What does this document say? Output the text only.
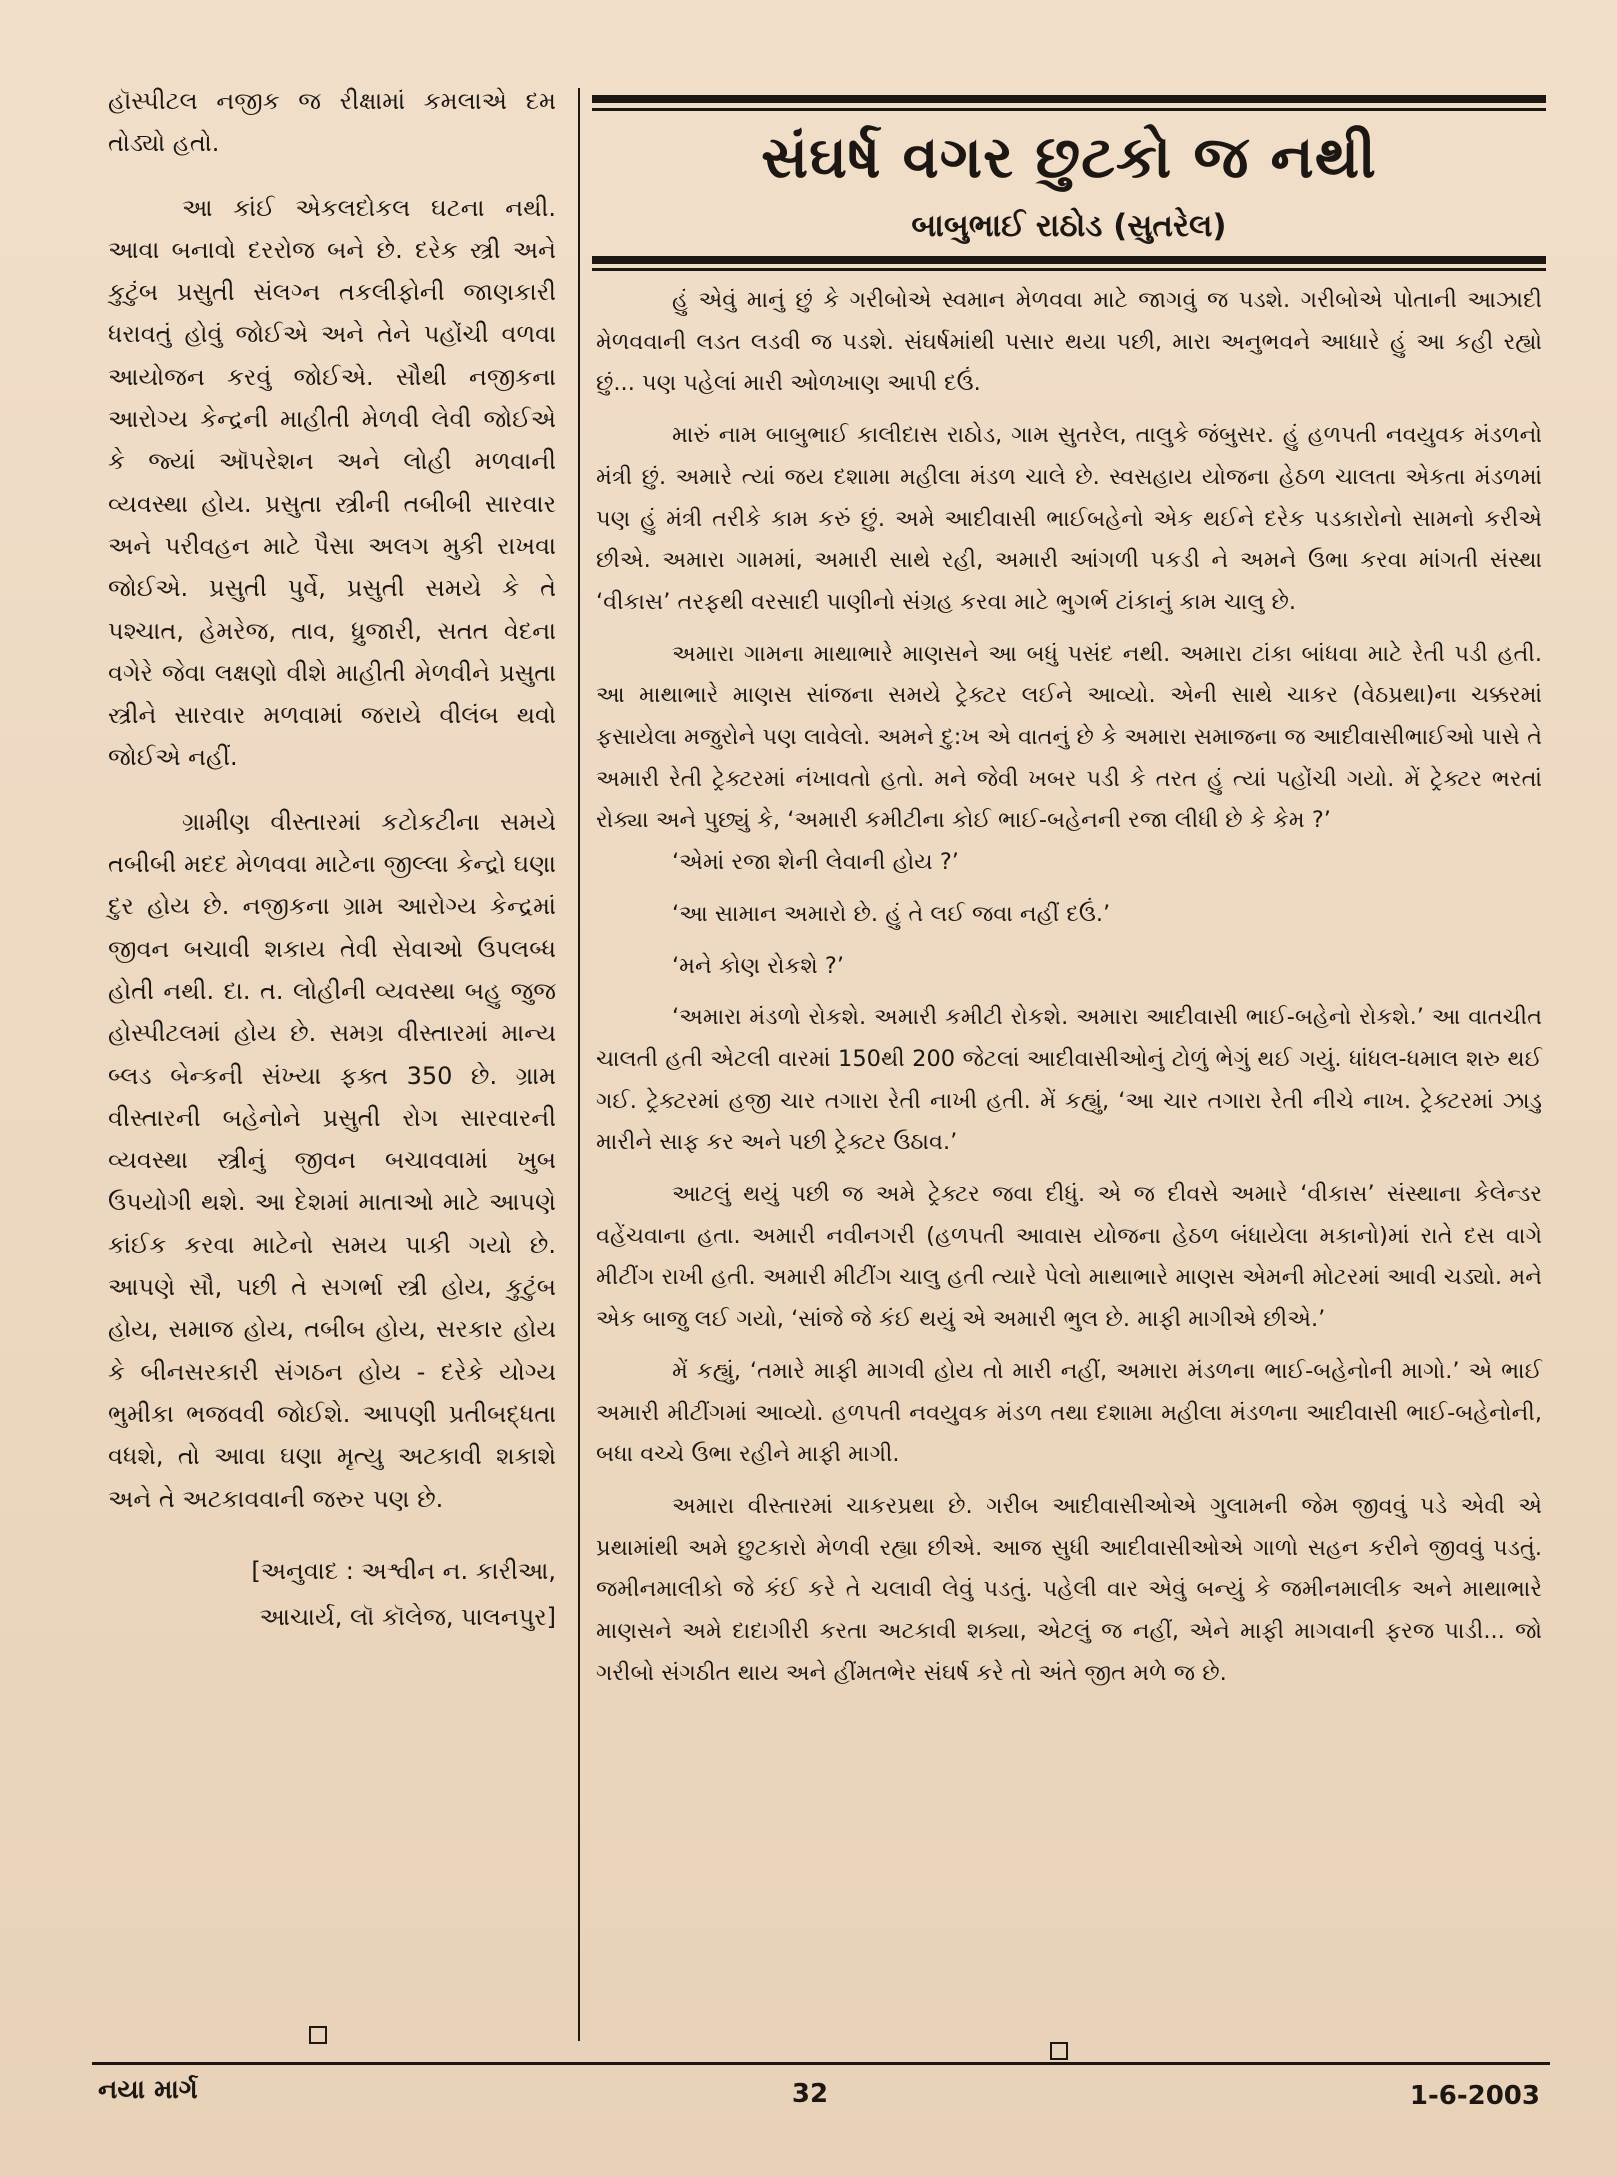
હૉસ્પીટલ નજીક જ રીક્ષામાં કમલાએ દમ તોડ્યો હતો.

આ કાંઈ એકલદોકલ ઘટના નથી. આવા બનાવો દરરોજ બને છે. દરેક સ્ત્રી અને કુટુંબ પ્રસુતી સંલગ્ન તકલીફોની જાણકારી ધરાવતું હોવું જોઈએ અને તેને પહોંચી વળવા આયોજન કરવું જોઈએ. સૌથી નજીકના આરોગ્ય કેન્દ્રની માહીતી મેળવી લેવી જોઈએ કે જ્યાં ઑપરેશન અને લોહી મળવાની વ્યવસ્થા હોય. પ્રસુતા સ્ત્રીની તબીબી સારવાર અને પરીવહન માટે પૈસા અલગ મુકી રાખવા જોઈએ. પ્રસુતી પુર્વે, પ્રસુતી સમયે કે તે પશ્ચાત, હેમરેજ, તાવ, ધ્રુજારી, સતત વેદના વગેરે જેવા લક્ષણો વીશે માહીતી મેળવીને પ્રસુતા સ્ત્રીને સારવાર મળવામાં જરાયે વીલંબ થવો જોઈએ નહીં.

ગ્રામીણ વીસ્તારમાં કટોકટીના સમયે તબીબી મદદ મેળવવા માટેના જીલ્લા કેન્દ્રો ઘણા દુર હોય છે. નજીકના ગ્રામ આરોગ્ય કેન્દ્રમાં જીવન બચાવી શકાય તેવી સેવાઓ ઉપલબ્ધ હોતી નથી. દા. ત. લોહીની વ્યવસ્થા બહુ જુજ હોસ્પીટલમાં હોય છે. સમગ્ર વીસ્તારમાં માન્ય બ્લડ બેન્કની સંખ્યા ફક્ત 350 છે. ગ્રામ વીસ્તારની બહેનોને પ્રસુતી રોગ સારવારની વ્યવસ્થા સ્ત્રીનું જીવન બચાવવામાં ખુબ ઉપયોગી થશે. આ દેશમાં માતાઓ માટે આપણે કાંઈક કરવા માટેનો સમય પાકી ગયો છે. આપણે સૌ, પછી તે સગર્ભા સ્ત્રી હોય, કુટુંબ હોય, સમાજ હોય, તબીબ હોય, સરકાર હોય કે બીનસરકારી સંગઠન હોય - દરેકે યોગ્ય ભુમીકા ભજવવી જોઈશે. આપણી પ્રતીબદ્ધતા વધશે, તો આવા ઘણા મૃત્યુ અટકાવી શકાશે અને તે અટકાવવાની જરુર પણ છે.

[અનુવાદ : અશ્વીન ન. કારીઆ,
આચાર્ય, લૉ કૉલેજ, પાલનપુર]
સંઘર્ષ વગર છુટકો જ નથી
બાબુભાઈ રાઠોડ (સુતરેલ)

હું એવું માનું છું કે ગરીબોએ સ્વમાન મેળવવા માટે જાગવું જ પડશે. ગરીબોએ પોતાની આઝાદી મેળવવાની લડત લડવી જ પડશે. સંઘર્ષમાંથી પસાર થયા પછી, મારા અનુભવને આધારે હું આ કહી રહ્યો છું... પણ પહેલાં મારી ઓળખાણ આપી દઉં.

મારું નામ બાબુભાઈ કાલીદાસ રાઠોડ, ગામ સુતરેલ, તાલુકે જંબુસર. હું હળપતી નવયુવક મંડળનો મંત્રી છું. અમારે ત્યાં જય દશામા મહીલા મંડળ ચાલે છે. સ્વસહાય યોજના હેઠળ ચાલતા એકતા મંડળમાં પણ હું મંત્રી તરીકે કામ કરું છું. અમે આદીવાસી ભાઈબહેનો એક થઈને દરેક પડકારોનો સામનો કરીએ છીએ. અમારા ગામમાં, અમારી સાથે રહી, અમારી આંગળી પકડી ને અમને ઉભા કરવા માંગતી સંસ્થા ‘વીકાસ’ તરફથી વરસાદી પાણીનો સંગ્રહ કરવા માટે ભુગર્ભ ટાંકાનું કામ ચાલુ છે.

અમારા ગામના માથાભારે માણસને આ બધું પસંદ નથી. અમારા ટાંકા બાંધવા માટે રેતી પડી હતી. આ માથાભારે માણસ સાંજના સમયે ટ્રેક્ટર લઈને આવ્યો. એની સાથે ચાકર (વેઠપ્રથા)ના ચક્કરમાં ફસાયેલા મજુરોને પણ લાવેલો. અમને દુ:ખ એ વાતનું છે કે અમારા સમાજના જ આદીવાસીભાઈઓ પાસે તે અમારી રેતી ટ્રેક્ટરમાં નંખાવતો હતો. મને જેવી ખબર પડી કે તરત હું ત્યાં પહોંચી ગયો. મેં ટ્રેક્ટર ભરતાં રોક્યા અને પુછ્યું કે, ‘અમારી કમીટીના કોઈ ભાઈ-બહેનની રજા લીધી છે કે કેમ ?’

‘એમાં રજા શેની લેવાની હોય ?’

‘આ સામાન અમારો છે. હું તે લઈ જવા નહીં દઉં.’

‘મને કોણ રોકશે ?’

‘અમારા મંડળો રોકશે. અમારી કમીટી રોકશે. અમારા આદીવાસી ભાઈ-બહેનો રોકશે.’ આ વાતચીત ચાલતી હતી એટલી વારમાં 150થી 200 જેટલાં આદીવાસીઓનું ટોળું ભેગું થઈ ગયું. ધાંધલ-ધમાલ શરુ થઈ ગઈ. ટ્રેક્ટરમાં હજી ચાર તગારા રેતી નાખી હતી. મેં કહ્યું, ‘આ ચાર તગારા રેતી નીચે નાખ. ટ્રેક્ટરમાં ઝાડુ મારીને સાફ કર અને પછી ટ્રેક્ટર ઉઠાવ.’

આટલું થયું પછી જ અમે ટ્રેક્ટર જવા દીધું. એ જ દીવસે અમારે ‘વીકાસ’ સંસ્થાના કેલેન્ડર વહેંચવાના હતા. અમારી નવીનગરી (હળપતી આવાસ યોજના હેઠળ બંધાયેલા મકાનો)માં રાતે દસ વાગે મીટીંગ રાખી હતી. અમારી મીટીંગ ચાલુ હતી ત્યારે પેલો માથાભારે માણસ એમની મોટરમાં આવી ચડ્યો. મને એક બાજુ લઈ ગયો, ‘સાંજે જે કંઈ થયું એ અમારી ભુલ છે. માફી માગીએ છીએ.’

મેં કહ્યું, ‘તમારે માફી માગવી હોય તો મારી નહીં, અમારા મંડળના ભાઈ-બહેનોની માગો.’ એ ભાઈ અમારી મીટીંગમાં આવ્યો. હળપતી નવયુવક મંડળ તથા દશામા મહીલા મંડળના આદીવાસી ભાઈ-બહેનોની, બધા વચ્ચે ઉભા રહીને માફી માગી.

અમારા વીસ્તારમાં ચાકરપ્રથા છે. ગરીબ આદીવાસીઓએ ગુલામની જેમ જીવવું પડે એવી એ પ્રથામાંથી અમે છુટકારો મેળવી રહ્યા છીએ. આજ સુધી આદીવાસીઓએ ગાળો સહન કરીને જીવવું પડતું. જમીનમાલીકો જે કંઈ કરે તે ચલાવી લેવું પડતું. પહેલી વાર એવું બન્યું કે જમીનમાલીક અને માથાભારે માણસને અમે દાદાગીરી કરતા અટકાવી શક્યા, એટલું જ નહીં, એને માફી માગવાની ફરજ પાડી... જો ગરીબો સંગઠીત થાય અને હીંમતભેર સંઘર્ષ કરે તો અંતે જીત મળે જ છે.

નયા માર્ગ	32	1-6-2003
